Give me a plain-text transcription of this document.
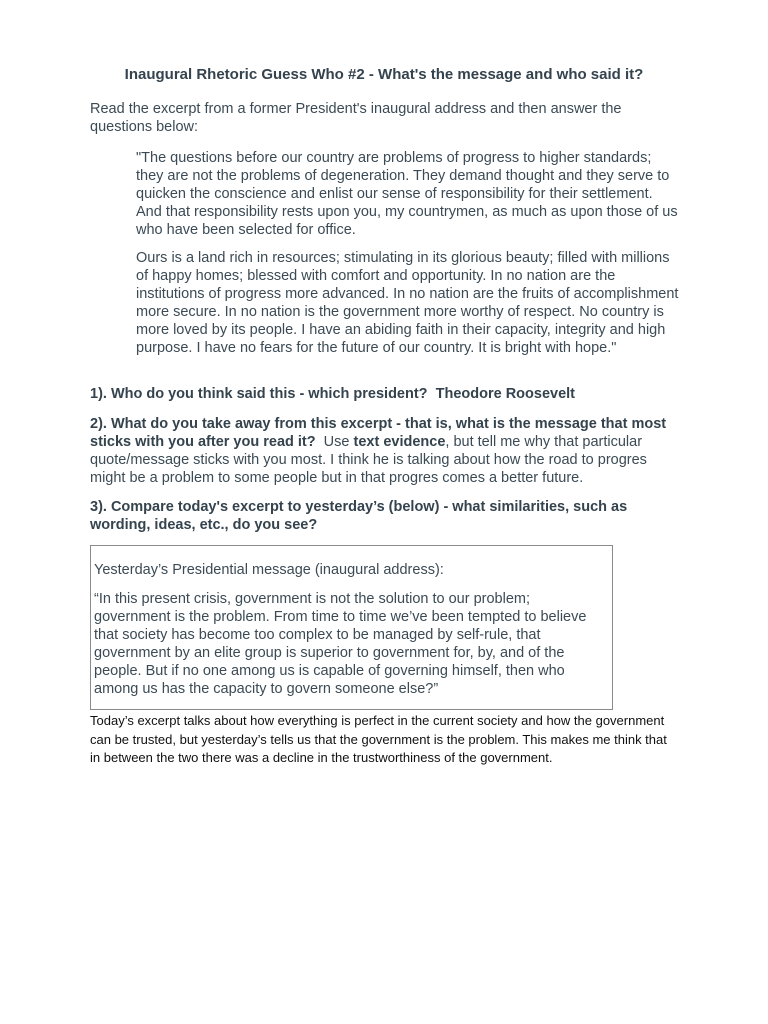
Inaugural Rhetoric Guess Who #2 - What's the message and who said it?
Read the excerpt from a former President's inaugural address and then answer the questions below:
"The questions before our country are problems of progress to higher standards; they are not the problems of degeneration. They demand thought and they serve to quicken the conscience and enlist our sense of responsibility for their settlement. And that responsibility rests upon you, my countrymen, as much as upon those of us who have been selected for office.
Ours is a land rich in resources; stimulating in its glorious beauty; filled with millions of happy homes; blessed with comfort and opportunity. In no nation are the institutions of progress more advanced. In no nation are the fruits of accomplishment more secure. In no nation is the government more worthy of respect. No country is more loved by its people. I have an abiding faith in their capacity, integrity and high purpose. I have no fears for the future of our country. It is bright with hope."
1). Who do you think said this - which president? Theodore Roosevelt
2). What do you take away from this excerpt - that is, what is the message that most sticks with you after you read it? Use text evidence, but tell me why that particular quote/message sticks with you most. I think he is talking about how the road to progres might be a problem to some people but in that progres comes a better future.
3). Compare today's excerpt to yesterday’s (below) - what similarities, such as wording, ideas, etc., do you see?
Yesterday’s Presidential message (inaugural address):
“In this present crisis, government is not the solution to our problem; government is the problem. From time to time we’ve been tempted to believe that society has become too complex to be managed by self-rule, that government by an elite group is superior to government for, by, and of the people. But if no one among us is capable of governing himself, then who among us has the capacity to govern someone else?”
Today’s excerpt talks about how everything is perfect in the current society and how the government can be trusted, but yesterday’s tells us that the government is the problem. This makes me think that in between the two there was a decline in the trustworthiness of the government.
